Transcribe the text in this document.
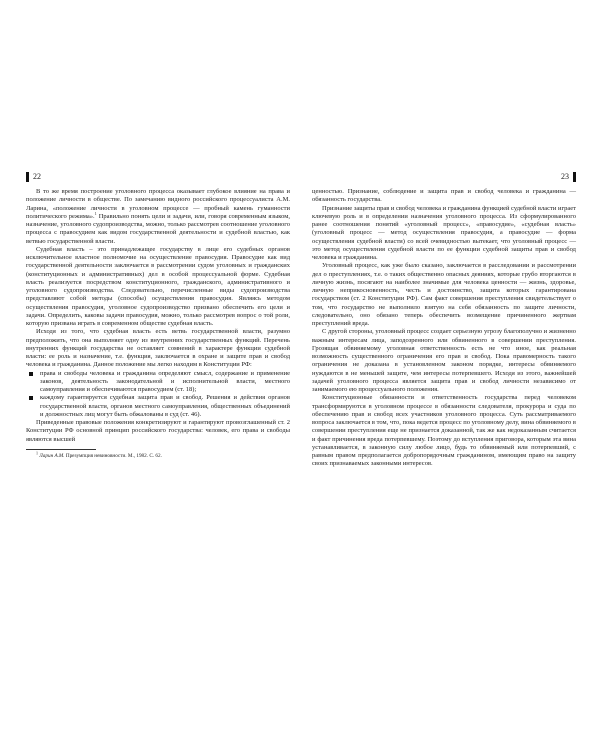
22

В то же время построение уголовного процесса оказывает глубокое влияние на права и положение личности в обществе. По замечанию видного российского процессуалиста А.М. Ларина, «положение личности в уголовном процессе — пробный камень гуманности политического режима».$^1$ Правильно понять цели и задачи, или, говоря современным языком, назначение, уголовного судопроизводства, можно, только рассмотрев соотношение уголовного процесса с правосудием как видом государственной деятельности и судебной властью, как ветвью государственной власти.

Судебная власть – это принадлежащее государству в лице его судебных органов исключительное властное полномочие на осуществление правосудия. Правосудие как вид государственной деятельности заключается в рассмотрении судом уголовных и гражданских (конституционных и административных) дел в особой процессуальной форме. Судебная власть реализуется посредством конституционного, гражданского, административного и уголовного судопроизводства. Следовательно, перечисленные виды судопроизводства представляют собой методы (способы) осуществления правосудия. Являясь методом осуществления правосудия, уголовное судопроизводство призвано обеспечить его цели и задачи. Определить, каковы задачи правосудия, можно, только рассмотрев вопрос о той роли, которую призвана играть в современном обществе судебная власть.

Исходя из того, что судебная власть есть ветвь государственной власти, разумно предположить, что она выполняет одну из внутренних государственных функций. Перечень внутренних функций государства не оставляет сомнений в характере функции судебной власти: ее роль и назначение, т.е. функция, заключается в охране и защите прав и свобод человека и гражданина. Данное положение мы легко находим в Конституции РФ:

права и свободы человека и гражданина определяют смысл, содержание и применение законов, деятельность законодательной и исполнительной власти, местного самоуправления и обеспечиваются правосудием (ст. 18);
каждому гарантируется судебная защита прав и свобод. Решения и действия органов государственной власти, органов местного самоуправления, общественных объединений и должностных лиц могут быть обжалованы в суд (ст. 46).

Приведенные правовые положения конкретизируют и гарантируют провозглашенный ст. 2 Конституции РФ основной принцип российского государства: человек, его права и свободы являются высшей

$^1$ Ларин А.М. Презумпция невиновности. М., 1982. С. 62.
23

ценностью. Признание, соблюдение и защита прав и свобод человека и гражданина — обязанность государства.

Признание защиты прав и свобод человека и гражданина функцией судебной власти играет ключевую роль и в определении назначения уголовного процесса. Из сформулированного ранее соотношения понятий «уголовный процесс», «правосудие», «судебная власть» (уголовный процесс — метод осуществления правосудия, а правосудие — форма осуществления судебной власти) со всей очевидностью вытекает, что уголовный процесс — это метод осуществления судебной власти по ее функции судебной защиты прав и свобод человека и гражданина.

Уголовный процесс, как уже было сказано, заключается в расследовании и рассмотрении дел о преступлениях, т.е. о таких общественно опасных деяниях, которые грубо вторгаются в личную жизнь, посягают на наиболее значимые для человека ценности — жизнь, здоровье, личную неприкосновенность, честь и достоинство, защита которых гарантирована государством (ст. 2 Конституции РФ). Сам факт совершения преступления свидетельствует о том, что государство не выполнило взятую на себя обязанность по защите личности, следовательно, оно обязано теперь обеспечить возмещение причиненного жертвам преступлений вреда.

С другой стороны, уголовный процесс создает серьезную угрозу благополучно и жизненно важным интересам лица, заподозренного или обвиненного в совершении преступления. Грозящая обвиняемому уголовная ответственность есть не что иное, как реальная возможность существенного ограничения его прав и свобод. Пока правомерность такого ограничения не доказана в установленном законом порядке, интересы обвиняемого нуждаются в не меньшей защите, чем интересы потерпевшего. Исходя из этого, важнейшей задачей уголовного процесса является защита прав и свобод личности независимо от занимаемого ею процессуального положения.

Конституционные обязанности и ответственность государства перед человеком трансформируются в уголовном процессе в обязанности следователя, прокурора и суда по обеспечению прав и свобод всех участников уголовного процесса. Суть рассматриваемого вопроса заключается в том, что, пока ведется процесс по уголовному делу, вина обвиняемого в совершении преступления еще не признается доказанной, так же как недоказанным считается и факт причинения вреда потерпевшему. Поэтому до вступления приговора, которым эта вина устанавливается, в законную силу любое лицо, будь то обвиняемый или потерпевший, с равным правом предполагается добропорядочным гражданином, имеющим право на защиту своих признаваемых законными интересов.
